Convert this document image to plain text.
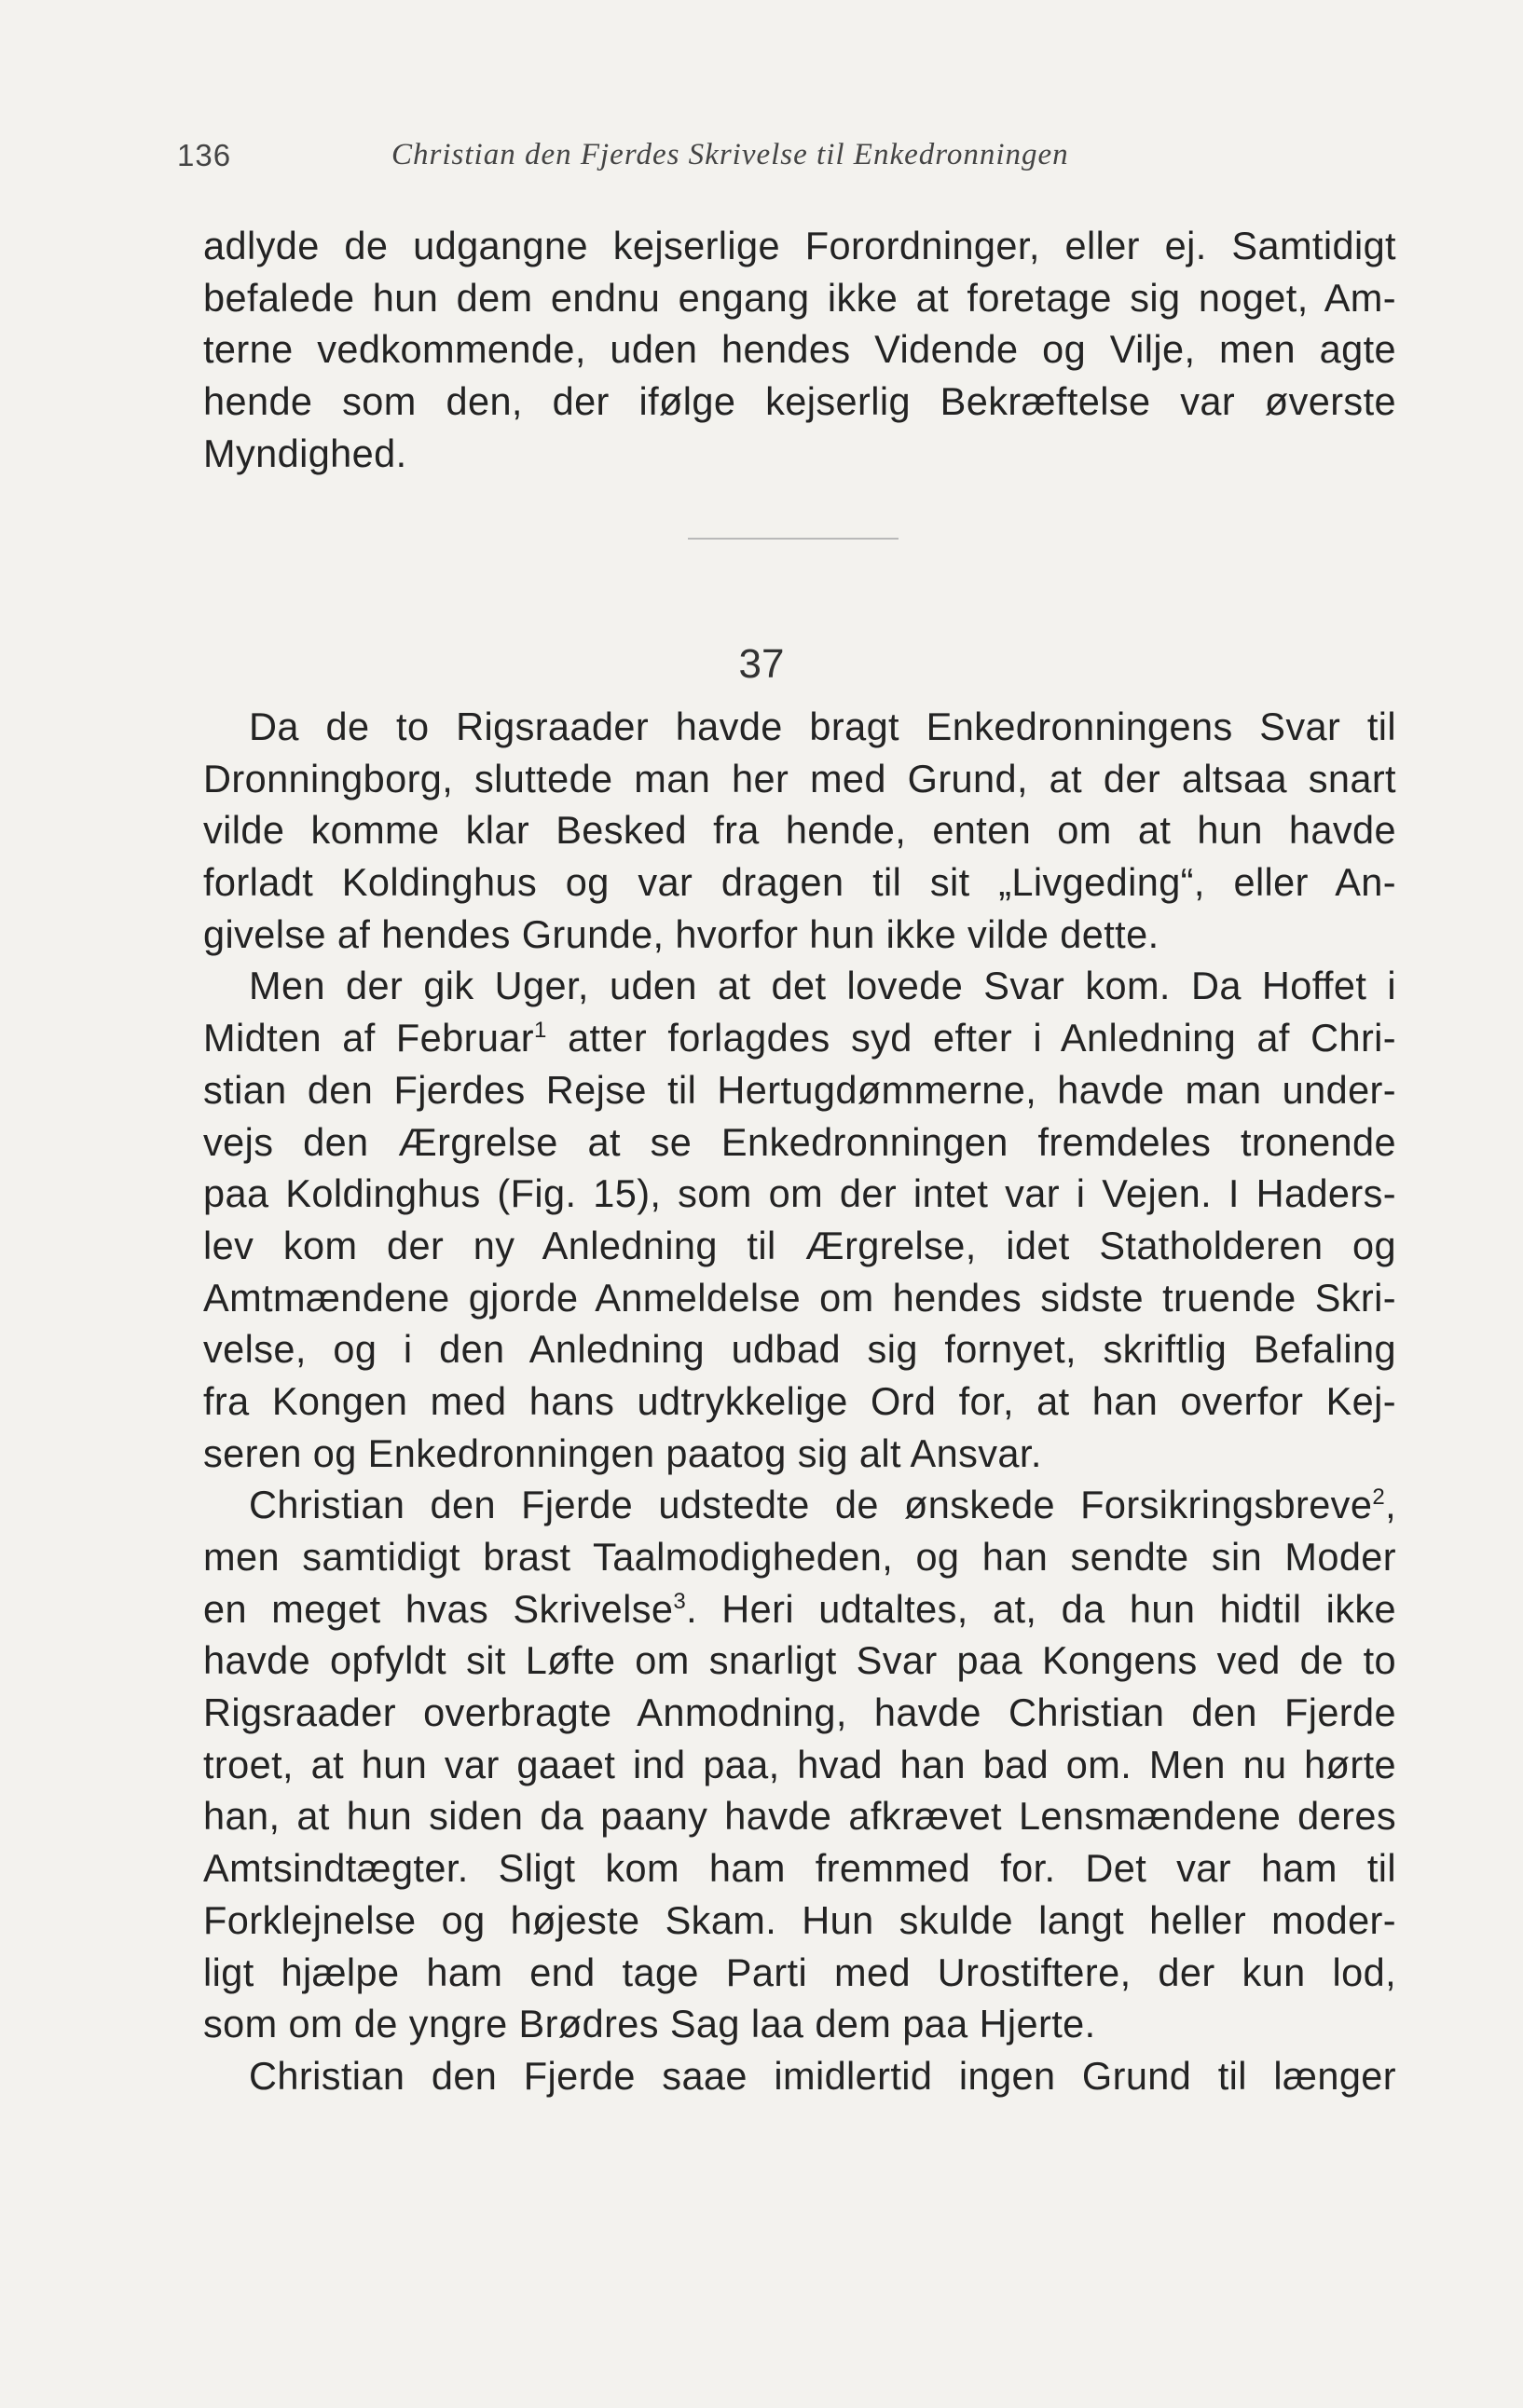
136	Christian den Fjerdes Skrivelse til Enkedronningen
adlyde de udgangne kejserlige Forordninger, eller ej. Samtidigt
befalede hun dem endnu engang ikke at foretage sig noget, Am-
terne vedkommende, uden hendes Vidende og Vilje, men agte
hende som den, der ifølge kejserlig Bekræftelse var øverste
Myndighed.
37
Da de to Rigsraader havde bragt Enkedronningens Svar til
Dronningborg, sluttede man her med Grund, at der altsaa snart
vilde komme klar Besked fra hende, enten om at hun havde
forladt Koldinghus og var dragen til sit „Livgeding“, eller An-
givelse af hendes Grunde, hvorfor hun ikke vilde dette.
Men der gik Uger, uden at det lovede Svar kom. Da Hoffet i
Midten af Februar$^1$ atter forlagdes syd efter i Anledning af Chri-
stian den Fjerdes Rejse til Hertugdømmerne, havde man under-
vejs den Ærgrelse at se Enkedronningen fremdeles tronende
paa Koldinghus (Fig. 15), som om der intet var i Vejen. I Haders-
lev kom der ny Anledning til Ærgrelse, idet Statholderen og
Amtmændene gjorde Anmeldelse om hendes sidste truende Skri-
velse, og i den Anledning udbad sig fornyet, skriftlig Befaling
fra Kongen med hans udtrykkelige Ord for, at han overfor Kej-
seren og Enkedronningen paatog sig alt Ansvar.
Christian den Fjerde udstedte de ønskede Forsikringsbreve$^2$,
men samtidigt brast Taalmodigheden, og han sendte sin Moder
en meget hvas Skrivelse$^3$. Heri udtaltes, at, da hun hidtil ikke
havde opfyldt sit Løfte om snarligt Svar paa Kongens ved de to
Rigsraader overbragte Anmodning, havde Christian den Fjerde
troet, at hun var gaaet ind paa, hvad han bad om. Men nu hørte
han, at hun siden da paany havde afkrævet Lensmændene deres
Amtsindtægter. Sligt kom ham fremmed for. Det var ham til
Forklejnelse og højeste Skam. Hun skulde langt heller moder-
ligt hjælpe ham end tage Parti med Urostiftere, der kun lod,
som om de yngre Brødres Sag laa dem paa Hjerte.
Christian den Fjerde saae imidlertid ingen Grund til længer
